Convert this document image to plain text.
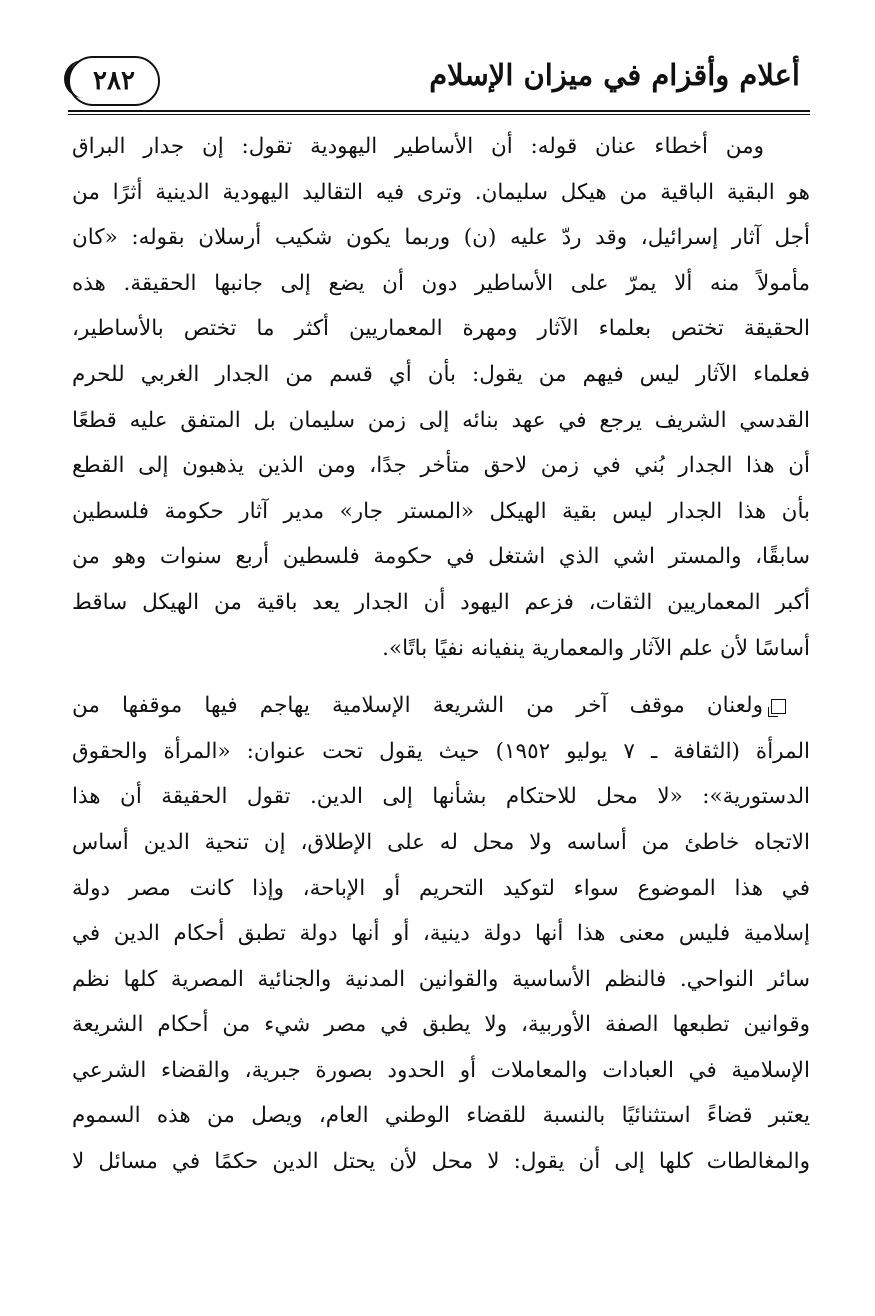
أعلام وأقزام في ميزان الإسلام
٢٨٢
ومن أخطاء عنان قوله: أن الأساطير اليهودية تقول: إن جدار البراق
هو البقية الباقية من هيكل سليمان. وترى فيه التقاليد اليهودية الدينية أثرًا من
أجل آثار إسرائيل، وقد ردّ عليه (ن) وربما يكون شكيب أرسلان بقوله: «كان
مأمولاً منه ألا يمرّ على الأساطير دون أن يضع إلى جانبها الحقيقة. هذه
الحقيقة تختص بعلماء الآثار ومهرة المعماريين أكثر ما تختص بالأساطير،
فعلماء الآثار ليس فيهم من يقول: بأن أي قسم من الجدار الغربي للحرم
القدسي الشريف يرجع في عهد بنائه إلى زمن سليمان بل المتفق عليه قطعًا
أن هذا الجدار بُني في زمن لاحق متأخر جدًا، ومن الذين يذهبون إلى القطع
بأن هذا الجدار ليس بقية الهيكل «المستر جار» مدير آثار حكومة فلسطين
سابقًا، والمستر اشي الذي اشتغل في حكومة فلسطين أربع سنوات وهو من
أكبر المعماريين الثقات، فزعم اليهود أن الجدار يعد باقية من الهيكل ساقط
أساسًا لأن علم الآثار والمعمارية ينفيانه نفيًا باتًا».
ولعنان موقف آخر من الشريعة الإسلامية يهاجم فيها موقفها من
المرأة (الثقافة ـ ٧ يوليو ١٩٥٢) حيث يقول تحت عنوان: «المرأة والحقوق
الدستورية»: «لا محل للاحتكام بشأنها إلى الدين. تقول الحقيقة أن هذا
الاتجاه خاطئ من أساسه ولا محل له على الإطلاق، إن تنحية الدين أساس
في هذا الموضوع سواء لتوكيد التحريم أو الإباحة، وإذا كانت مصر دولة
إسلامية فليس معنى هذا أنها دولة دينية، أو أنها دولة تطبق أحكام الدين في
سائر النواحي. فالنظم الأساسية والقوانين المدنية والجنائية المصرية كلها نظم
وقوانين تطبعها الصفة الأوربية، ولا يطبق في مصر شيء من أحكام الشريعة
الإسلامية في العبادات والمعاملات أو الحدود بصورة جبرية، والقضاء الشرعي
يعتبر قضاءً استثنائيًا بالنسبة للقضاء الوطني العام، ويصل من هذه السموم
والمغالطات كلها إلى أن يقول: لا محل لأن يحتل الدين حكمًا في مسائل لا
